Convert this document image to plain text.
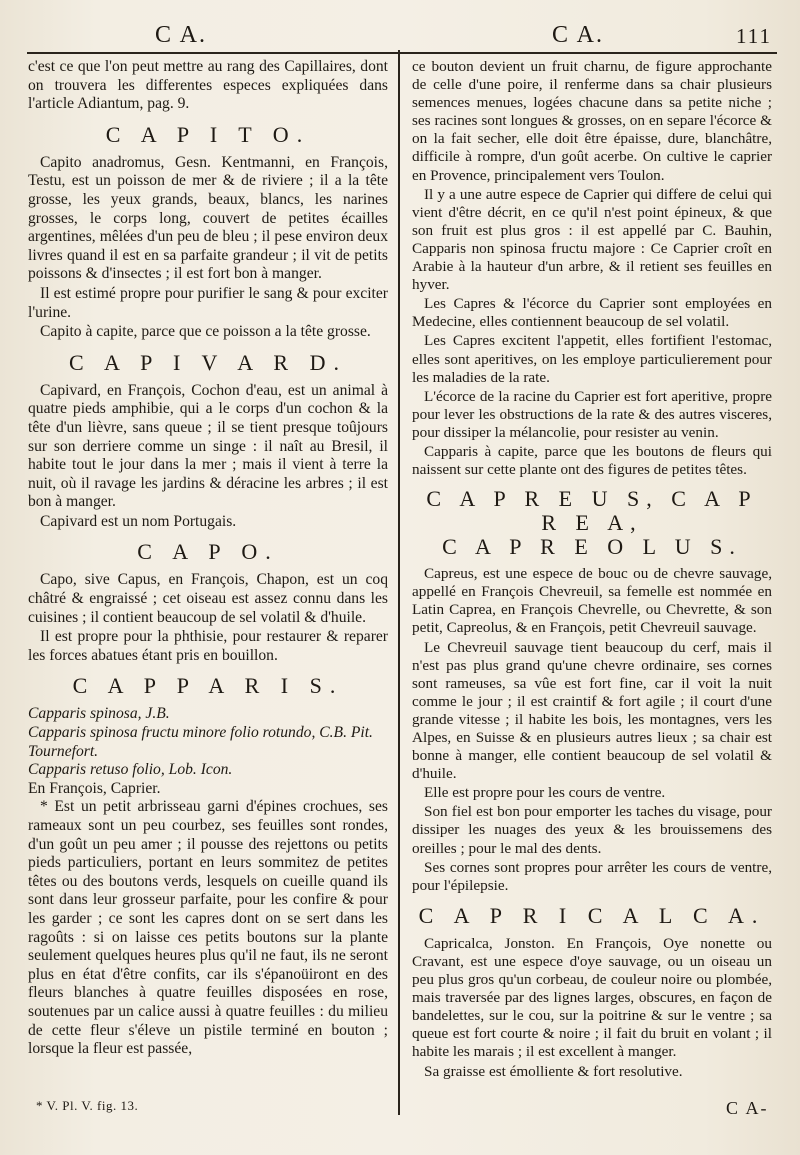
C A.	C A.	111

c'est ce que l'on peut mettre au rang des Capillaires, dont on trouvera les differentes especes expliquées dans l'article Adiantum, pag. 9.

C A P I T O.

Capito anadromus, Gesn. Kentmanni, en François, Testu, est un poisson de mer & de riviere ; il a la tête grosse, les yeux grands, beaux, blancs, les narines grosses, le corps long, couvert de petites écailles argentines, mêlées d'un peu de bleu ; il pese environ deux livres quand il est en sa parfaite grandeur ; il vit de petits poissons & d'insectes ; il est fort bon à manger.

Il est estimé propre pour purifier le sang & pour exciter l'urine.

Capito à capite, parce que ce poisson a la tête grosse.

C A P I V A R D.

Capivard, en François, Cochon d'eau, est un animal à quatre pieds amphibie, qui a le corps d'un cochon & la tête d'un lièvre, sans queue ; il se tient presque toûjours sur son derriere comme un singe : il naît au Bresil, il habite tout le jour dans la mer ; mais il vient à terre la nuit, où il ravage les jardins & déracine les arbres ; il est bon à manger.

Capivard est un nom Portugais.

C A P O.

Capo, sive Capus, en François, Chapon, est un coq châtré & engraissé ; cet oiseau est assez connu dans les cuisines ; il contient beaucoup de sel volatil & d'huile.

Il est propre pour la phthisie, pour restaurer & reparer les forces abatues étant pris en bouillon.

C A P P A R I S.

Capparis spinosa, J.B.

Capparis spinosa fructu minore folio rotundo, C.B. Pit. Tournefort.

Capparis retuso folio, Lob. Icon.

En François, Caprier.

* Est un petit arbrisseau garni d'épines crochues, ses rameaux sont un peu courbez, ses feuilles sont rondes, d'un goût un peu amer ; il pousse des rejettons ou petits pieds particuliers, portant en leurs sommitez de petites têtes ou des boutons verds, lesquels on cueille quand ils sont dans leur grosseur parfaite, pour les confire & pour les garder ; ce sont les capres dont on se sert dans les ragoûts : si on laisse ces petits boutons sur la plante seulement quelques heures plus qu'il ne faut, ils ne seront plus en état d'être confits, car ils s'épanoüiront en des fleurs blanches à quatre feuilles disposées en rose, soutenues par un calice aussi à quatre feuilles : du milieu de cette fleur s'éleve un pistile terminé en bouton ; lorsque la fleur est passée,

ce bouton devient un fruit charnu, de figure approchante de celle d'une poire, il renferme dans sa chair plusieurs semences menues, logées chacune dans sa petite niche ; ses racines sont longues & grosses, on en separe l'écorce & on la fait secher, elle doit être épaisse, dure, blanchâtre, difficile à rompre, d'un goût acerbe. On cultive le caprier en Provence, principalement vers Toulon.

Il y a une autre espece de Caprier qui differe de celui qui vient d'être décrit, en ce qu'il n'est point épineux, & que son fruit est plus gros : il est appellé par C. Bauhin, Capparis non spinosa fructu majore : Ce Caprier croît en Arabie à la hauteur d'un arbre, & il retient ses feuilles en hyver.

Les Capres & l'écorce du Caprier sont employées en Medecine, elles contiennent beaucoup de sel volatil.

Les Capres excitent l'appetit, elles fortifient l'estomac, elles sont aperitives, on les employe particulierement pour les maladies de la rate.

L'écorce de la racine du Caprier est fort aperitive, propre pour lever les obstructions de la rate & des autres visceres, pour dissiper la mélancolie, pour resister au venin.

Capparis à capite, parce que les boutons de fleurs qui naissent sur cette plante ont des figures de petites têtes.

C A P R E U S, C A P R E A,
C A P R E O L U S.

Capreus, est une espece de bouc ou de chevre sauvage, appellé en François Chevreuil, sa femelle est nommée en Latin Caprea, en François Chevrelle, ou Chevrette, & son petit, Capreolus, & en François, petit Chevreuil sauvage.

Le Chevreuil sauvage tient beaucoup du cerf, mais il n'est pas plus grand qu'une chevre ordinaire, ses cornes sont rameuses, sa vûe est fort fine, car il voit la nuit comme le jour ; il est craintif & fort agile ; il court d'une grande vitesse ; il habite les bois, les montagnes, vers les Alpes, en Suisse & en plusieurs autres lieux ; sa chair est bonne à manger, elle contient beaucoup de sel volatil & d'huile.

Elle est propre pour les cours de ventre.

Son fiel est bon pour emporter les taches du visage, pour dissiper les nuages des yeux & les brouissemens des oreilles ; pour le mal des dents.

Ses cornes sont propres pour arrêter les cours de ventre, pour l'épilepsie.

C A P R I C A L C A.

Capricalca, Jonston. En François, Oye nonette ou Cravant, est une espece d'oye sauvage, ou un oiseau un peu plus gros qu'un corbeau, de couleur noire ou plombée, mais traversée par des lignes larges, obscures, en façon de bandelettes, sur le cou, sur la poitrine & sur le ventre ; sa queue est fort courte & noire ; il fait du bruit en volant ; il habite les marais ; il est excellent à manger.

Sa graisse est émolliente & fort resolutive.

* V. Pl. V. fig. 13.	C A-
